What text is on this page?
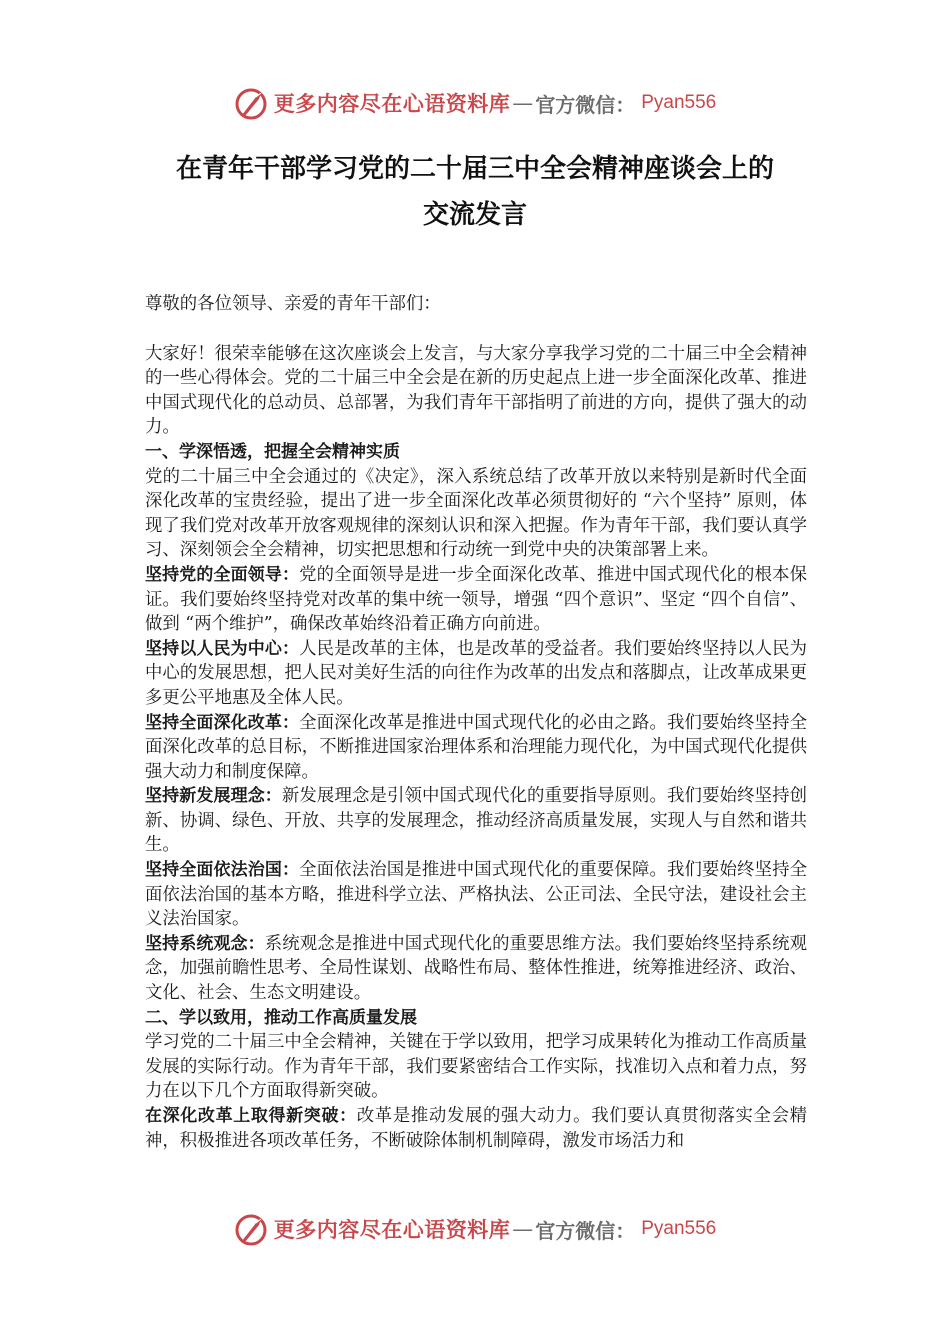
更多内容尽在心语资料库 — 官方微信： Pyan556
在青年干部学习党的二十届三中全会精神座谈会上的
交流发言

尊敬的各位领导、亲爱的青年干部们：

大家好！很荣幸能够在这次座谈会上发言，与大家分享我学习党的二十届三中全会精神的一些心得体会。党的二十届三中全会是在新的历史起点上进一步全面深化改革、推进中国式现代化的总动员、总部署，为我们青年干部指明了前进的方向，提供了强大的动力。

一、学深悟透，把握全会精神实质

党的二十届三中全会通过的《决定》，深入系统总结了改革开放以来特别是新时代全面深化改革的宝贵经验，提出了进一步全面深化改革必须贯彻好的 “六个坚持” 原则，体现了我们党对改革开放客观规律的深刻认识和深入把握。作为青年干部，我们要认真学习、深刻领会全会精神，切实把思想和行动统一到党中央的决策部署上来。

坚持党的全面领导：党的全面领导是进一步全面深化改革、推进中国式现代化的根本保证。我们要始终坚持党对改革的集中统一领导，增强 “四个意识”、坚定 “四个自信”、做到 “两个维护”，确保改革始终沿着正确方向前进。

坚持以人民为中心：人民是改革的主体，也是改革的受益者。我们要始终坚持以人民为中心的发展思想，把人民对美好生活的向往作为改革的出发点和落脚点，让改革成果更多更公平地惠及全体人民。

坚持全面深化改革：全面深化改革是推进中国式现代化的必由之路。我们要始终坚持全面深化改革的总目标，不断推进国家治理体系和治理能力现代化，为中国式现代化提供强大动力和制度保障。

坚持新发展理念：新发展理念是引领中国式现代化的重要指导原则。我们要始终坚持创新、协调、绿色、开放、共享的发展理念，推动经济高质量发展，实现人与自然和谐共生。

坚持全面依法治国：全面依法治国是推进中国式现代化的重要保障。我们要始终坚持全面依法治国的基本方略，推进科学立法、严格执法、公正司法、全民守法，建设社会主义法治国家。

坚持系统观念：系统观念是推进中国式现代化的重要思维方法。我们要始终坚持系统观念，加强前瞻性思考、全局性谋划、战略性布局、整体性推进，统筹推进经济、政治、文化、社会、生态文明建设。

二、学以致用，推动工作高质量发展

学习党的二十届三中全会精神，关键在于学以致用，把学习成果转化为推动工作高质量发展的实际行动。作为青年干部，我们要紧密结合工作实际，找准切入点和着力点，努力在以下几个方面取得新突破。

在深化改革上取得新突破：改革是推动发展的强大动力。我们要认真贯彻落实全会精神，积极推进各项改革任务，不断破除体制机制障碍，激发市场活力和

更多内容尽在心语资料库 — 官方微信： Pyan556
